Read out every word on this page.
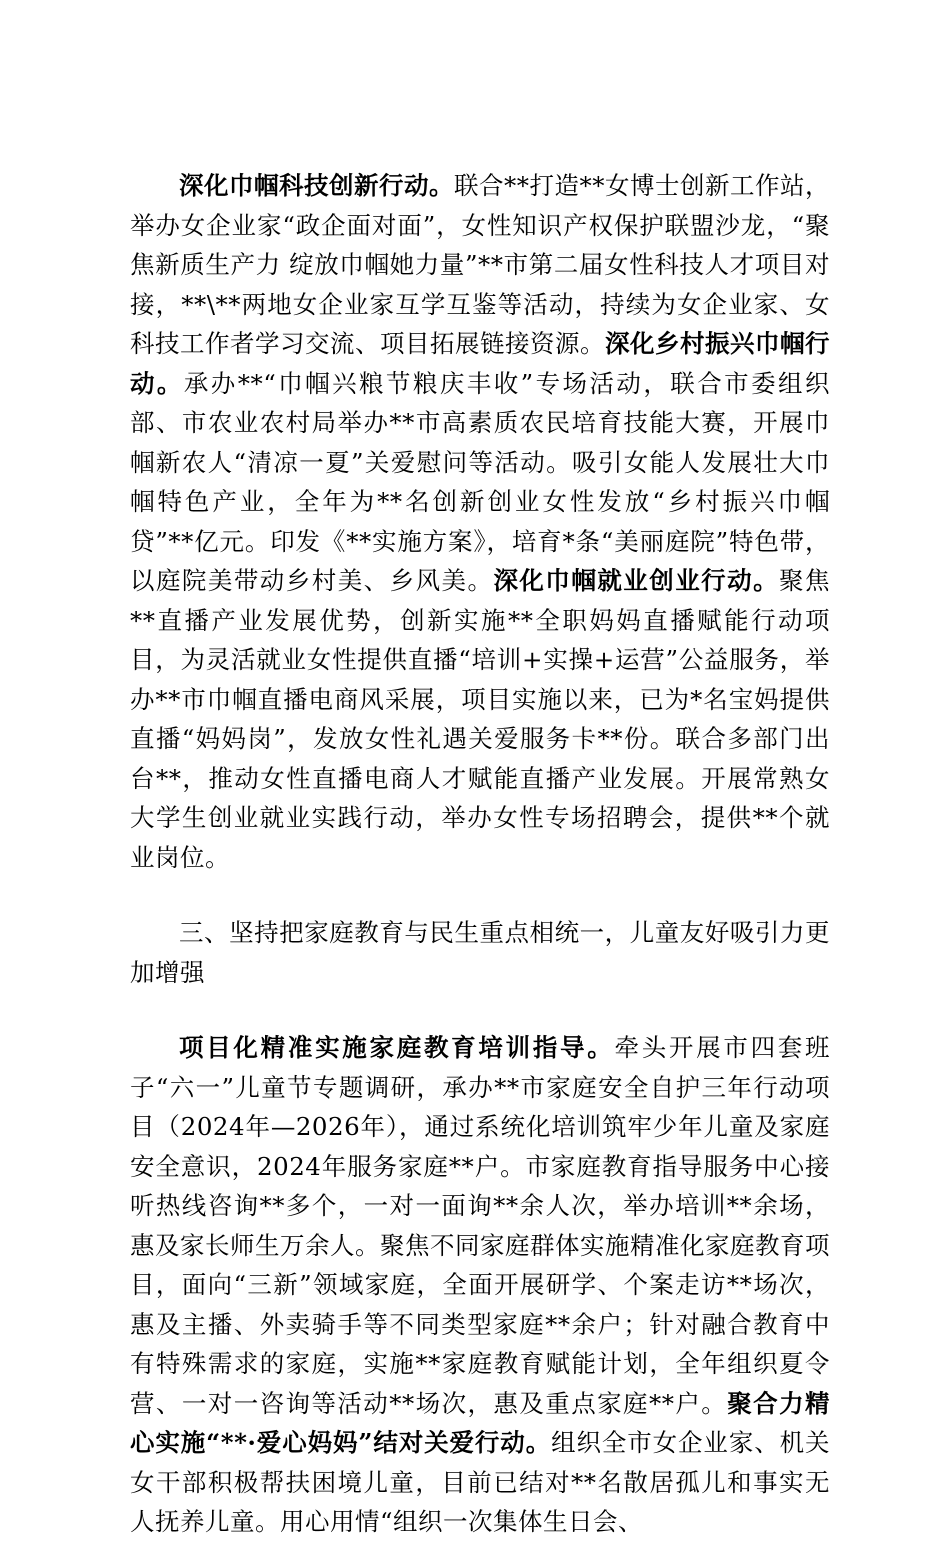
深化巾帼科技创新行动。联合**打造**女博士创新工作站，举办女企业家“政企面对面”，女性知识产权保护联盟沙龙，“聚焦新质生产力 绽放巾帼她力量”**市第二届女性科技人才项目对接，**\**两地女企业家互学互鉴等活动，持续为女企业家、女科技工作者学习交流、项目拓展链接资源。深化乡村振兴巾帼行动。承办**“巾帼兴粮节粮庆丰收”专场活动，联合市委组织部、市农业农村局举办**市高素质农民培育技能大赛，开展巾帼新农人“清凉一夏”关爱慰问等活动。吸引女能人发展壮大巾帼特色产业，全年为**名创新创业女性发放“乡村振兴巾帼贷”**亿元。印发《**实施方案》，培育*条“美丽庭院”特色带，以庭院美带动乡村美、乡风美。深化巾帼就业创业行动。聚焦**直播产业发展优势，创新实施**全职妈妈直播赋能行动项目，为灵活就业女性提供直播“培训+实操+运营”公益服务，举办**市巾帼直播电商风采展，项目实施以来，已为*名宝妈提供直播“妈妈岗”，发放女性礼遇关爱服务卡**份。联合多部门出台**，推动女性直播电商人才赋能直播产业发展。开展常熟女大学生创业就业实践行动，举办女性专场招聘会，提供**个就业岗位。

三、坚持把家庭教育与民生重点相统一，儿童友好吸引力更加增强

项目化精准实施家庭教育培训指导。牵头开展市四套班子“六一”儿童节专题调研，承办**市家庭安全自护三年行动项目（2024年—2026年），通过系统化培训筑牢少年儿童及家庭安全意识，2024年服务家庭**户。市家庭教育指导服务中心接听热线咨询**多个，一对一面询**余人次，举办培训**余场，惠及家长师生万余人。聚焦不同家庭群体实施精准化家庭教育项目，面向“三新”领域家庭，全面开展研学、个案走访**场次，惠及主播、外卖骑手等不同类型家庭**余户；针对融合教育中有特殊需求的家庭，实施**家庭教育赋能计划，全年组织夏令营、一对一咨询等活动**场次，惠及重点家庭**户。聚合力精心实施“**·爱心妈妈”结对关爱行动。组织全市女企业家、机关女干部积极帮扶困境儿童，目前已结对**名散居孤儿和事实无人抚养儿童。用心用情“组织一次集体生日会、
